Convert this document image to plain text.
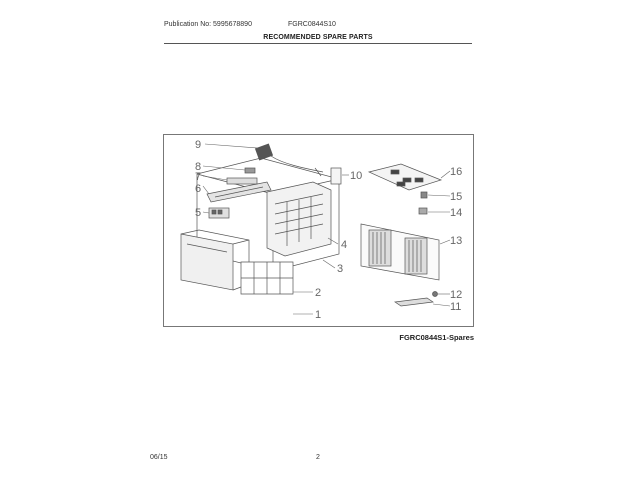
Publication No: 5995678890	FGRC0844S10
RECOMMENDED SPARE PARTS
9
8
7
6
5
10
4
3
2
1
16
15
14
13
12
11
FGRC0844S1-Spares
06/15	2
